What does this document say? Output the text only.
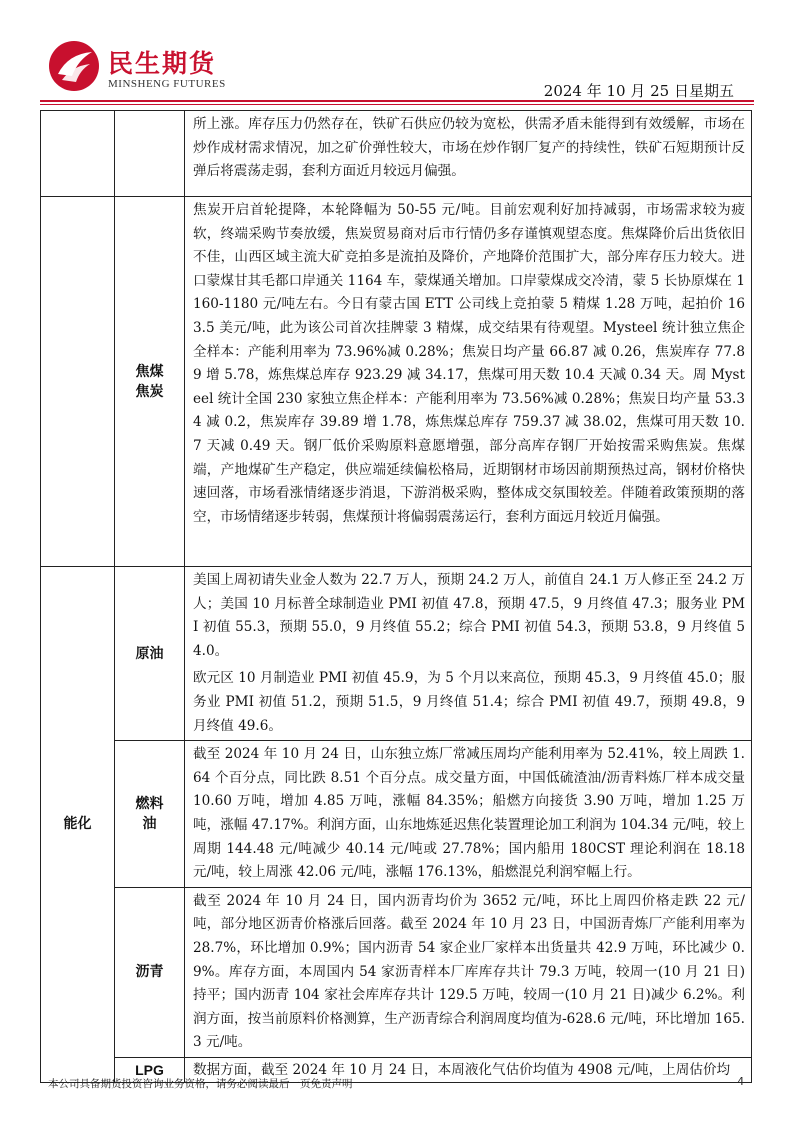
民生期货
MINSHENG FUTURES	2024 年 10 月 25 日星期五

		所上涨。库存压力仍然存在，铁矿石供应仍较为宽松，供需矛盾未能得到有效缓解，市场在炒作成材需求情况，加之矿价弹性较大，市场在炒作钢厂复产的持续性，铁矿石短期预计反弹后将震荡走弱，套利方面近月较远月偏强。

	焦煤焦炭	焦炭开启首轮提降，本轮降幅为 50-55 元/吨。目前宏观利好加持减弱，市场需求较为疲软，终端采购节奏放缓，焦炭贸易商对后市行情仍多存谨慎观望态度。焦煤降价后出货依旧不佳，山西区域主流大矿竞拍多是流拍及降价，产地降价范围扩大，部分库存压力较大。进口蒙煤甘其毛都口岸通关 1164 车，蒙煤通关增加。口岸蒙煤成交冷清，蒙 5 长协原煤在 1160-1180 元/吨左右。今日有蒙古国 ETT 公司线上竞拍蒙 5 精煤 1.28 万吨，起拍价 163.5 美元/吨，此为该公司首次挂牌蒙 3 精煤，成交结果有待观望。Mysteel 统计独立焦企全样本：产能利用率为 73.96%减 0.28%；焦炭日均产量 66.87 减 0.26，焦炭库存 77.89 增 5.78，炼焦煤总库存 923.29 减 34.17，焦煤可用天数 10.4 天减 0.34 天。周 Mysteel 统计全国 230 家独立焦企样本：产能利用率为 73.56%减 0.28%；焦炭日均产量 53.34 减 0.2，焦炭库存 39.89 增 1.78，炼焦煤总库存 759.37 减 38.02，焦煤可用天数 10.7 天减 0.49 天。钢厂低价采购原料意愿增强，部分高库存钢厂开始按需采购焦炭。焦煤端，产地煤矿生产稳定，供应端延续偏松格局，近期钢材市场因前期预热过高，钢材价格快速回落，市场看涨情绪逐步消退，下游消极采购，整体成交氛围较差。伴随着政策预期的落空，市场情绪逐步转弱，焦煤预计将偏弱震荡运行，套利方面远月较近月偏强。

能化	原油	美国上周初请失业金人数为 22.7 万人，预期 24.2 万人，前值自 24.1 万人修正至 24.2 万人；美国 10 月标普全球制造业 PMI 初值 47.8，预期 47.5，9 月终值 47.3；服务业 PMI 初值 55.3，预期 55.0，9 月终值 55.2；综合 PMI 初值 54.3，预期 53.8，9 月终值 54.0。

欧元区 10 月制造业 PMI 初值 45.9，为 5 个月以来高位，预期 45.3，9 月终值 45.0；服务业 PMI 初值 51.2，预期 51.5，9 月终值 51.4；综合 PMI 初值 49.7，预期 49.8，9 月终值 49.6。

	燃料油	截至 2024 年 10 月 24 日，山东独立炼厂常减压周均产能利用率为 52.41%，较上周跌 1.64 个百分点，同比跌 8.51 个百分点。成交量方面，中国低硫渣油/沥青料炼厂样本成交量 10.60 万吨，增加 4.85 万吨，涨幅 84.35%；船燃方向接货 3.90 万吨，增加 1.25 万吨，涨幅 47.17%。利润方面，山东地炼延迟焦化装置理论加工利润为 104.34 元/吨，较上周期 144.48 元/吨减少 40.14 元/吨或 27.78%；国内船用 180CST 理论利润在 18.18 元/吨，较上周涨 42.06 元/吨，涨幅 176.13%，船燃混兑利润窄幅上行。

	沥青	截至 2024 年 10 月 24 日，国内沥青均价为 3652 元/吨，环比上周四价格走跌 22 元/吨，部分地区沥青价格涨后回落。截至 2024 年 10 月 23 日，中国沥青炼厂产能利用率为 28.7%，环比增加 0.9%；国内沥青 54 家企业厂家样本出货量共 42.9 万吨，环比减少 0.9%。库存方面，本周国内 54 家沥青样本厂库库存共计 79.3 万吨，较周一(10 月 21 日)持平；国内沥青 104 家社会库库存共计 129.5 万吨，较周一(10 月 21 日)减少 6.2%。利润方面，按当前原料价格测算，生产沥青综合利润周度均值为-628.6 元/吨，环比增加 165.3 元/吨。

	LPG	数据方面，截至 2024 年 10 月 24 日，本周液化气估价均值为 4908 元/吨，上周估价均

本公司具备期货投资咨询业务资格，请务必阅读最后一页免责声明	4
